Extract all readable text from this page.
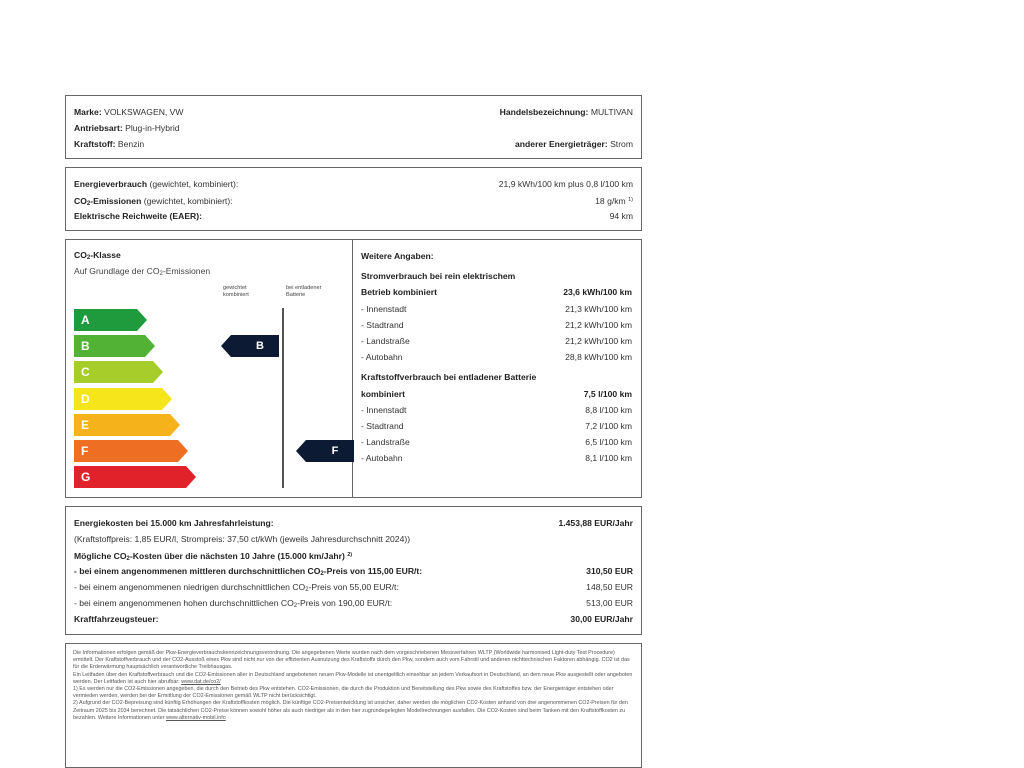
Marke: VOLKSWAGEN, VW	Handelsbezeichnung: MULTIVAN
Antriebsart: Plug-in-Hybrid
Kraftstoff: Benzin	anderer Energieträger: Strom
Energieverbrauch (gewichtet, kombiniert):	21,9 kWh/100 km plus 0,8 l/100 km
$CO_2$-Emissionen (gewichtet, kombiniert):	18 g/km $^{1)}$
Elektrische Reichweite (EAER):	94 km
$CO_2$-Klasse
Auf Grundlage der $CO_2$-Emissionen
gewichtet
kombiniert
bei entladener
Batterie
A
B
C
D
E
F
G
B
F
Weitere Angaben:
Stromverbrauch bei rein elektrischem
Betrieb kombiniert	23,6 kWh/100 km
- Innenstadt	21,3 kWh/100 km
- Stadtrand	21,2 kWh/100 km
- Landstraße	21,2 kWh/100 km
- Autobahn	28,8 kWh/100 km
Kraftstoffverbrauch bei entladener Batterie
kombiniert	7,5 l/100 km
- Innenstadt	8,8 l/100 km
- Stadtrand	7,2 l/100 km
- Landstraße	6,5 l/100 km
- Autobahn	8,1 l/100 km
Energiekosten bei 15.000 km Jahresfahrleistung:	1.453,88 EUR/Jahr
(Kraftstoffpreis: 1,85 EUR/l, Strompreis: 37,50 ct/kWh (jeweils Jahresdurchschnitt 2024))
Mögliche $CO_2$-Kosten über die nächsten 10 Jahre (15.000 km/Jahr) $^{2)}$
- bei einem angenommenen mittleren durchschnittlichen $CO_2$-Preis von 115,00 EUR/t:	310,50 EUR
- bei einem angenommenen niedrigen durchschnittlichen $CO_2$-Preis von 55,00 EUR/t:	148,50 EUR
- bei einem angenommenen hohen durchschnittlichen $CO_2$-Preis von 190,00 EUR/t:	513,00 EUR
Kraftfahrzeugsteuer:	30,00 EUR/Jahr

Die Informationen erfolgen gemäß der Pkw-Energieverbrauchskennzeichnungsverordnung. Die angegebenen Werte wurden nach dem vorgeschriebenen Messverfahren WLTP (Worldwide harmonised Light-duty Test Procedure) ermittelt. Der Kraftstoffverbrauch und der CO2-Ausstoß eines Pkw sind nicht nur von der effizienten Ausnutzung des Kraftstoffs durch den Pkw, sondern auch vom Fahrstil und anderen nichttechnischen Faktoren abhängig. CO2 ist das für die Erderwärmung hauptsächlich verantwortliche Treibhausgas.

Ein Leitfaden über den Kraftstoffverbrauch und die CO2-Emissionen aller in Deutschland angebotenen neuen Pkw-Modelle ist unentgeltlich einsehbar an jedem Verkaufsort in Deutschland, an dem neue Pkw ausgestellt oder angeboten werden. Der Leitfaden ist auch hier abrufbar: www.dat.de/co2/

1) Es werden nur die CO2-Emissionen angegeben, die durch den Betrieb des Pkw entstehen. CO2-Emissionen, die durch die Produktion und Bereitstellung des Pkw sowie des Kraftstoffes bzw. der Energieträger entstehen oder vermieden werden, werden bei der Ermittlung der CO2-Emissionen gemäß WLTP nicht berücksichtigt.

2) Aufgrund der CO2-Bepreisung sind künftig Erhöhungen der Kraftstoffkosten möglich. Die künftige CO2-Preisentwicklung ist unsicher, daher werden die möglichen CO2-Kosten anhand von drei angenommenen CO2-Preisen für den Zeitraum 2025 bis 2034 berechnet. Die tatsächlichen CO2-Preise können sowohl höher als auch niedriger als in den hier zugrundegelegten Modellrechnungen ausfallen. Die CO2-Kosten sind beim Tanken mit den Kraftstoffkosten zu bezahlen. Weitere Informationen unter www.alternativ-mobil.info
